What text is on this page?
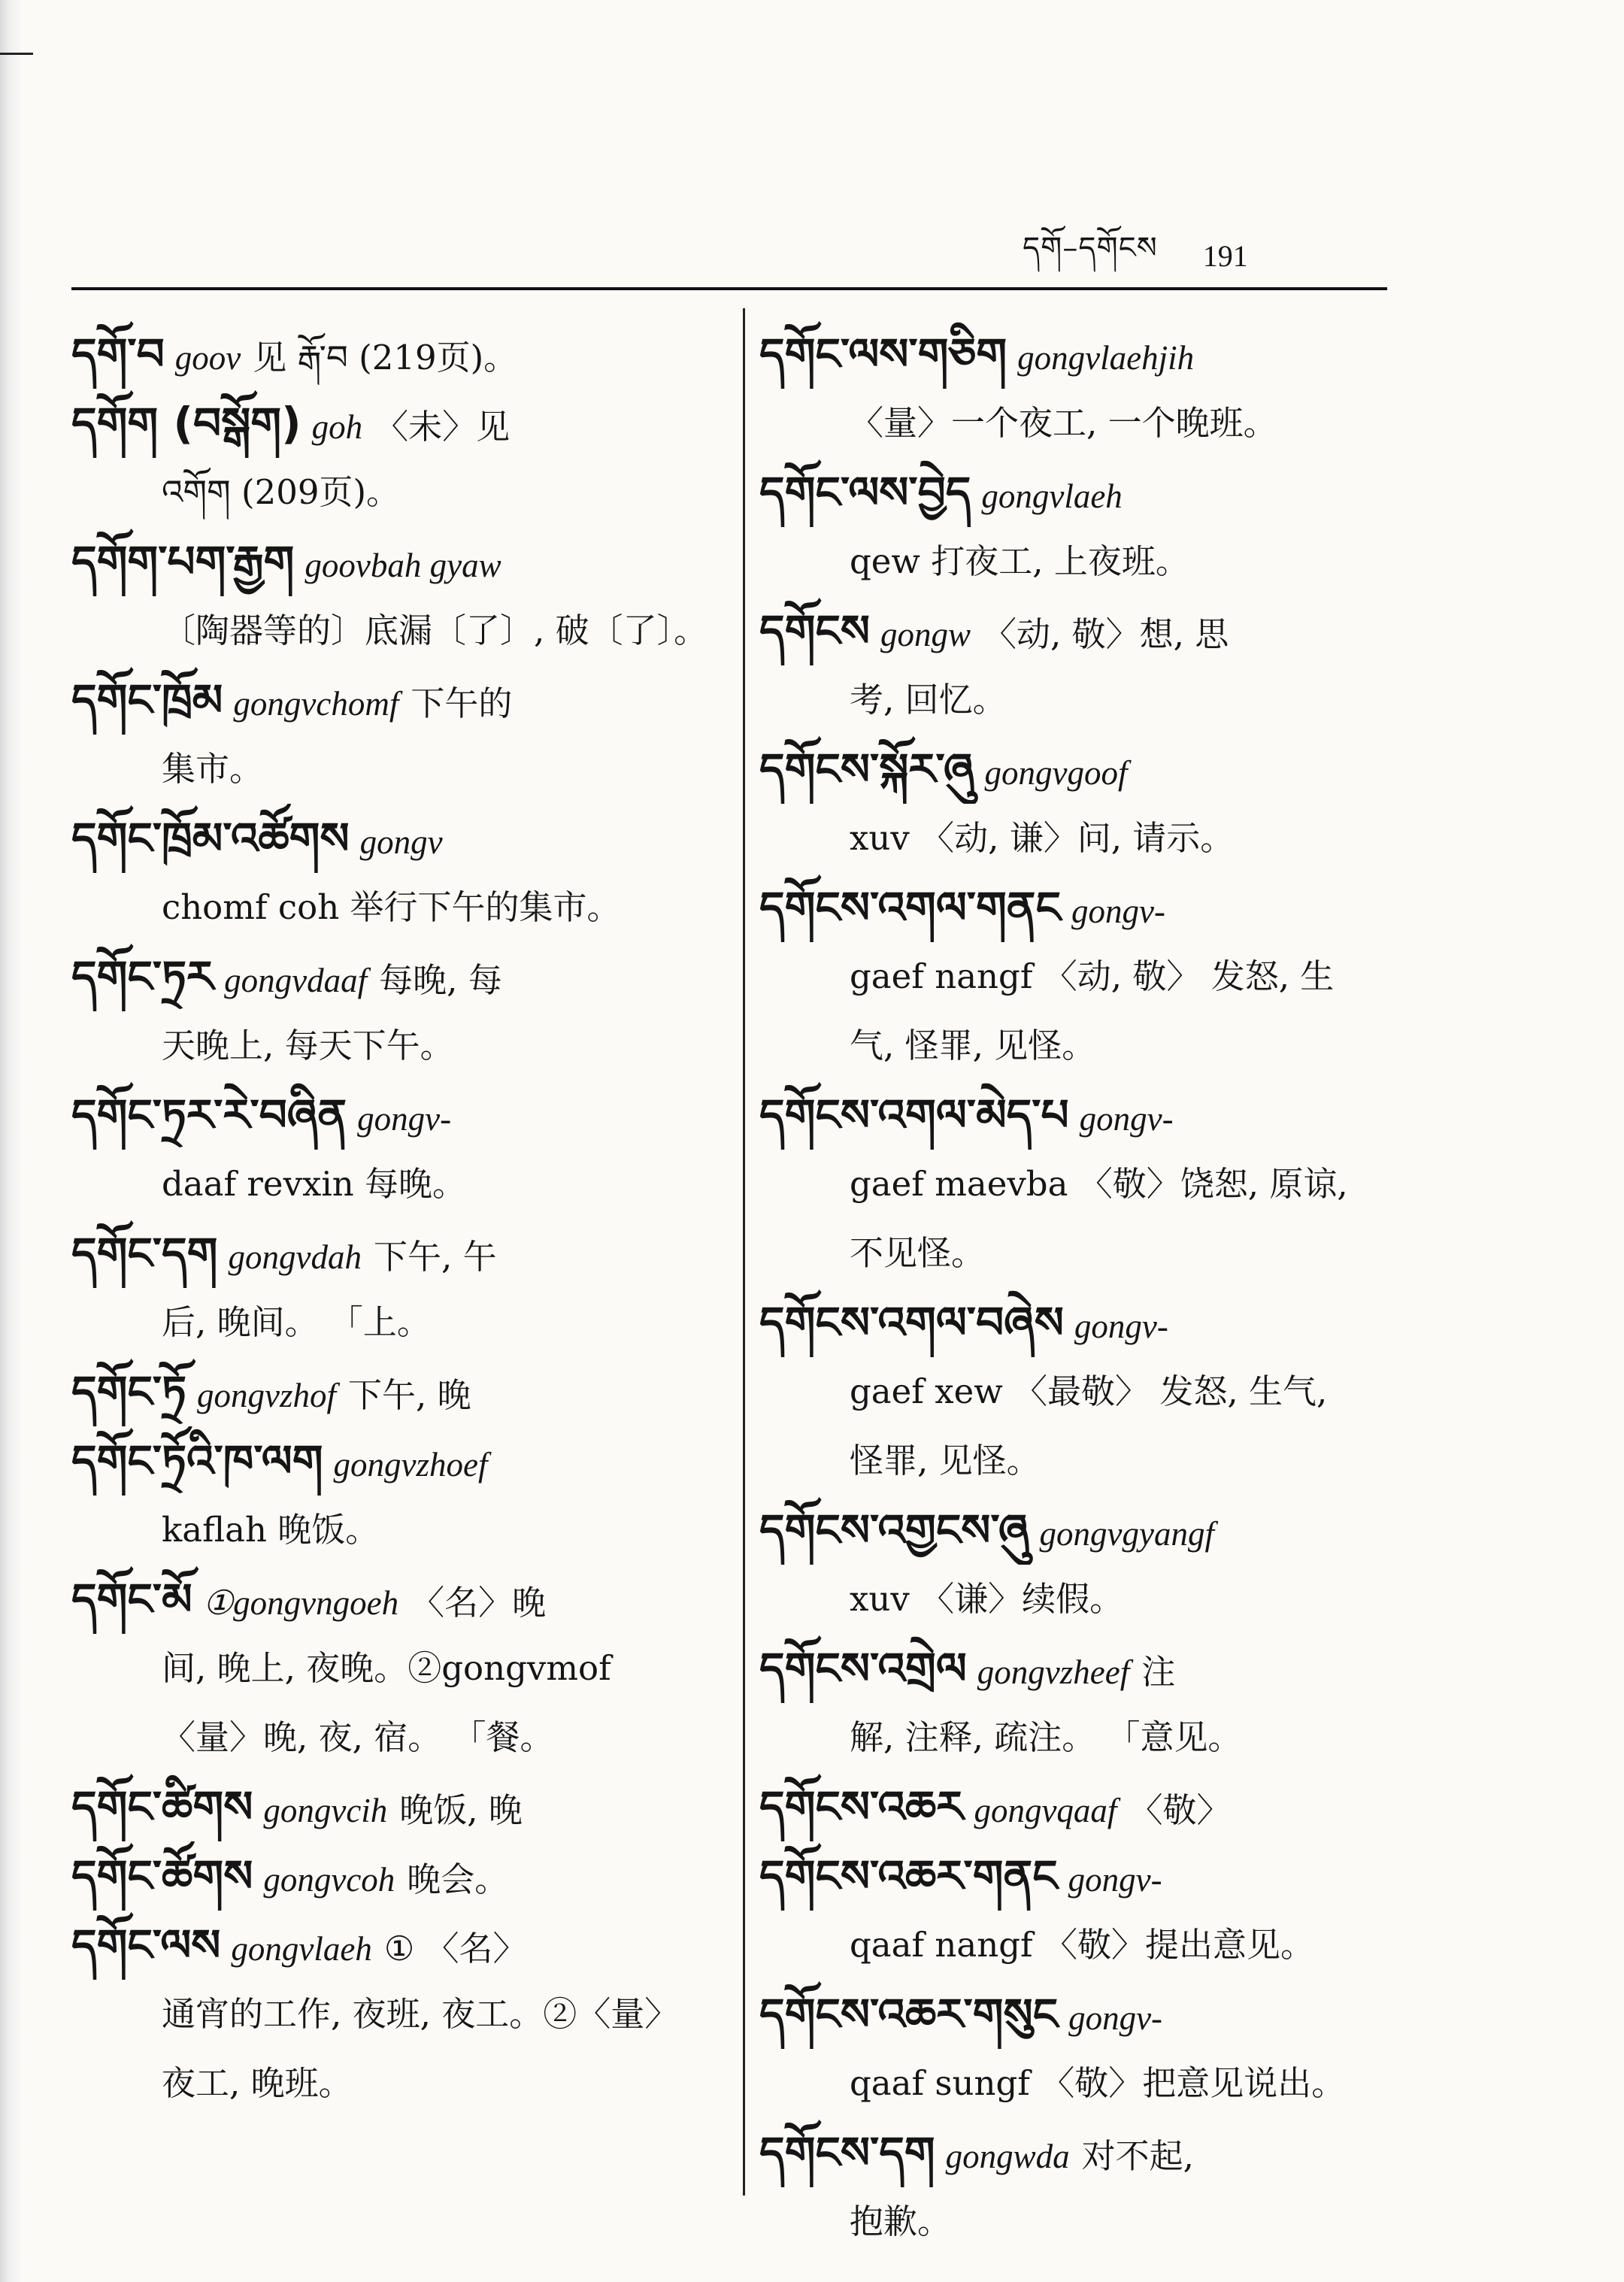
དགོ–དགོངས 191
དགོ་བ goov 见 རྒོ་བ (219页)。
དགོག (བསྒོག) goh 〈未〉见
འགོག (209页)。
དགོག་པག་རྒྱག goovbah gyaw
〔陶器等的〕底漏〔了〕, 破〔了〕。
དགོང་ཁྲོམ gongvchomf 下午的
集市。
དགོང་ཁྲོམ་འཚོགས gongv
chomf coh 举行下午的集市。
དགོང་ཏྲར gongvdaaf 每晚, 每
天晚上, 每天下午。
དགོང་ཏྲར་རེ་བཞིན gongv-
daaf revxin 每晚。
དགོང་དག gongvdah 下午, 午
后, 晚间。 「上。
དགོང་ཏྲོ gongvzhof 下午, 晚
དགོང་ཏྲོའི་ཁ་ལག gongvzhoef
kaflah 晚饭。
དགོང་མོ ①gongvngoeh 〈名〉晚
间, 晚上, 夜晚。②gongvmof
〈量〉晚, 夜, 宿。 「餐。
དགོང་ཚིགས gongvcih 晚饭, 晚
དགོང་ཚོགས gongvcoh 晚会。
དགོང་ལས gongvlaeh ① 〈名〉
通宵的工作, 夜班, 夜工。②〈量〉
夜工, 晚班。
དགོང་ལས་གཅིག gongvlaehjih
〈量〉一个夜工, 一个晚班。
དགོང་ལས་བྱེད gongvlaeh
qew 打夜工, 上夜班。
དགོངས gongw 〈动, 敬〉想, 思
考, 回忆。
དགོངས་སྐོར་ཞུ gongvgoof
xuv 〈动, 谦〉问, 请示。
དགོངས་འགལ་གནང gongv-
gaef nangf 〈动, 敬〉 发怒, 生
气, 怪罪, 见怪。
དགོངས་འགལ་མེད་པ gongv-
gaef maevba 〈敬〉饶恕, 原谅,
不见怪。
དགོངས་འགལ་བཞེས gongv-
gaef xew 〈最敬〉 发怒, 生气,
怪罪, 见怪。
དགོངས་འགྱངས་ཞུ gongvgyangf
xuv 〈谦〉续假。
དགོངས་འགྲེལ gongvzheef 注
解, 注释, 疏注。 「意见。
དགོངས་འཆར gongvqaaf 〈敬〉
དགོངས་འཆར་གནང gongv-
qaaf nangf 〈敬〉提出意见。
དགོངས་འཆར་གསུང gongv-
qaaf sungf 〈敬〉把意见说出。
དགོངས་དག gongwda 对不起,
抱歉。
